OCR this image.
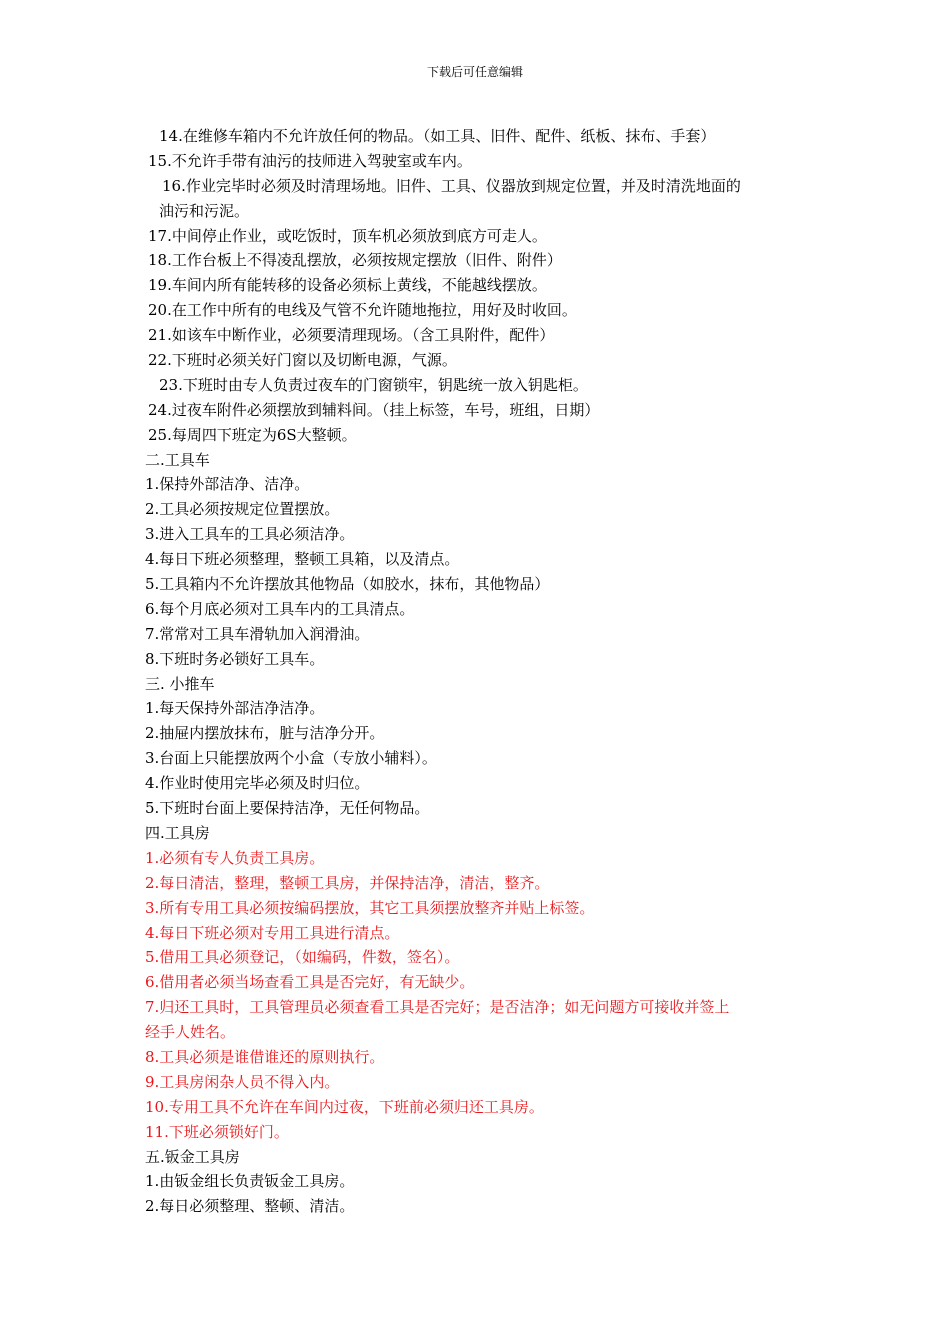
下载后可任意编辑
14.在维修车箱内不允许放任何的物品。（如工具、旧件、配件、纸板、抹布、手套）
15.不允许手带有油污的技师进入驾驶室或车内。
16.作业完毕时必须及时清理场地。旧件、工具、仪器放到规定位置，并及时清洗地面的
油污和污泥。
17.中间停止作业，或吃饭时，顶车机必须放到底方可走人。
18.工作台板上不得凌乱摆放，必须按规定摆放（旧件、附件）
19.车间内所有能转移的设备必须标上黄线，不能越线摆放。
20.在工作中所有的电线及气管不允许随地拖拉，用好及时收回。
21.如该车中断作业，必须要清理现场。（含工具附件，配件）
22.下班时必须关好门窗以及切断电源，气源。
23.下班时由专人负责过夜车的门窗锁牢，钥匙统一放入钥匙柜。
24.过夜车附件必须摆放到辅料间。（挂上标签，车号，班组，日期）
25.每周四下班定为6S大整顿。
二.工具车
1.保持外部洁净、洁净。
2.工具必须按规定位置摆放。
3.进入工具车的工具必须洁净。
4.每日下班必须整理，整顿工具箱，以及清点。
5.工具箱内不允许摆放其他物品（如胶水，抹布，其他物品）
6.每个月底必须对工具车内的工具清点。
7.常常对工具车滑轨加入润滑油。
8.下班时务必锁好工具车。
三. 小推车
1.每天保持外部洁净洁净。
2.抽屉内摆放抹布，脏与洁净分开。
3.台面上只能摆放两个小盒（专放小辅料）。
4.作业时使用完毕必须及时归位。
5.下班时台面上要保持洁净，无任何物品。
四.工具房
1.必须有专人负责工具房。
2.每日清洁，整理，整顿工具房，并保持洁净，清洁，整齐。
3.所有专用工具必须按编码摆放，其它工具须摆放整齐并贴上标签。
4.每日下班必须对专用工具进行清点。
5.借用工具必须登记，（如编码，件数，签名）。
6.借用者必须当场查看工具是否完好，有无缺少。
7.归还工具时，工具管理员必须查看工具是否完好；是否洁净；如无问题方可接收并签上
经手人姓名。
8.工具必须是谁借谁还的原则执行。
9.工具房闲杂人员不得入内。
10.专用工具不允许在车间内过夜，下班前必须归还工具房。
11.下班必须锁好门。
五.钣金工具房
1.由钣金组长负责钣金工具房。
2.每日必须整理、整顿、清洁。
